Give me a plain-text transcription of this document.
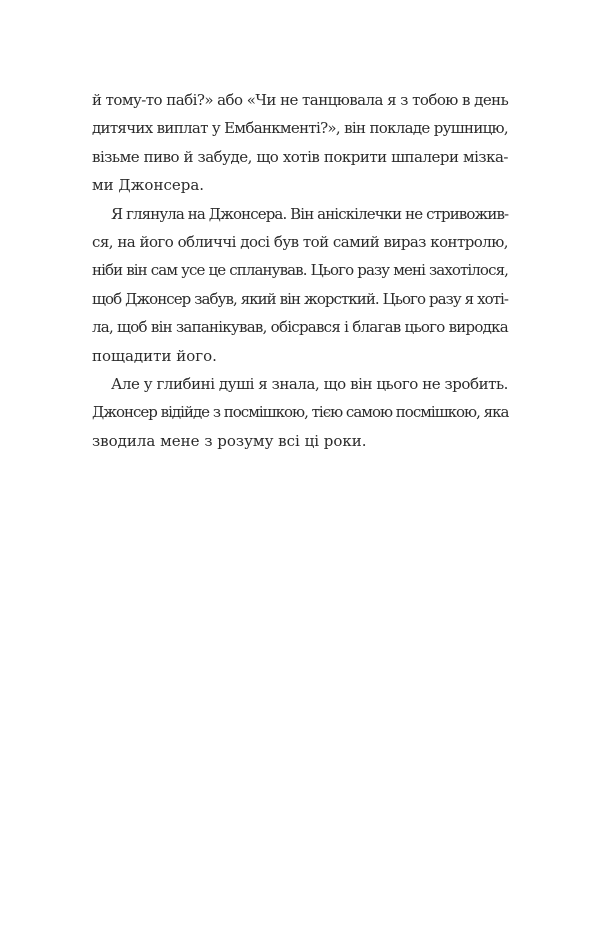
й тому-то пабі?» або «Чи не танцювала я з тобою в день
дитячих виплат у Ембанкменті?», він покладе рушницю,
візьме пиво й забуде, що хотів покрити шпалери мізка-
ми Джонсера.
Я глянула на Джонсера. Він аніскілечки не стривожив-
ся, на його обличчі досі був той самий вираз контролю,
ніби він сам усе це спланував. Цього разу мені захотілося,
щоб Джонсер забув, який він жорсткий. Цього разу я хоті-
ла, щоб він запанікував, обісрався і благав цього виродка
пощадити його.
Але у глибині душі я знала, що він цього не зробить.
Джонсер відійде з посмішкою, тією самою посмішкою, яка
зводила мене з розуму всі ці роки.
